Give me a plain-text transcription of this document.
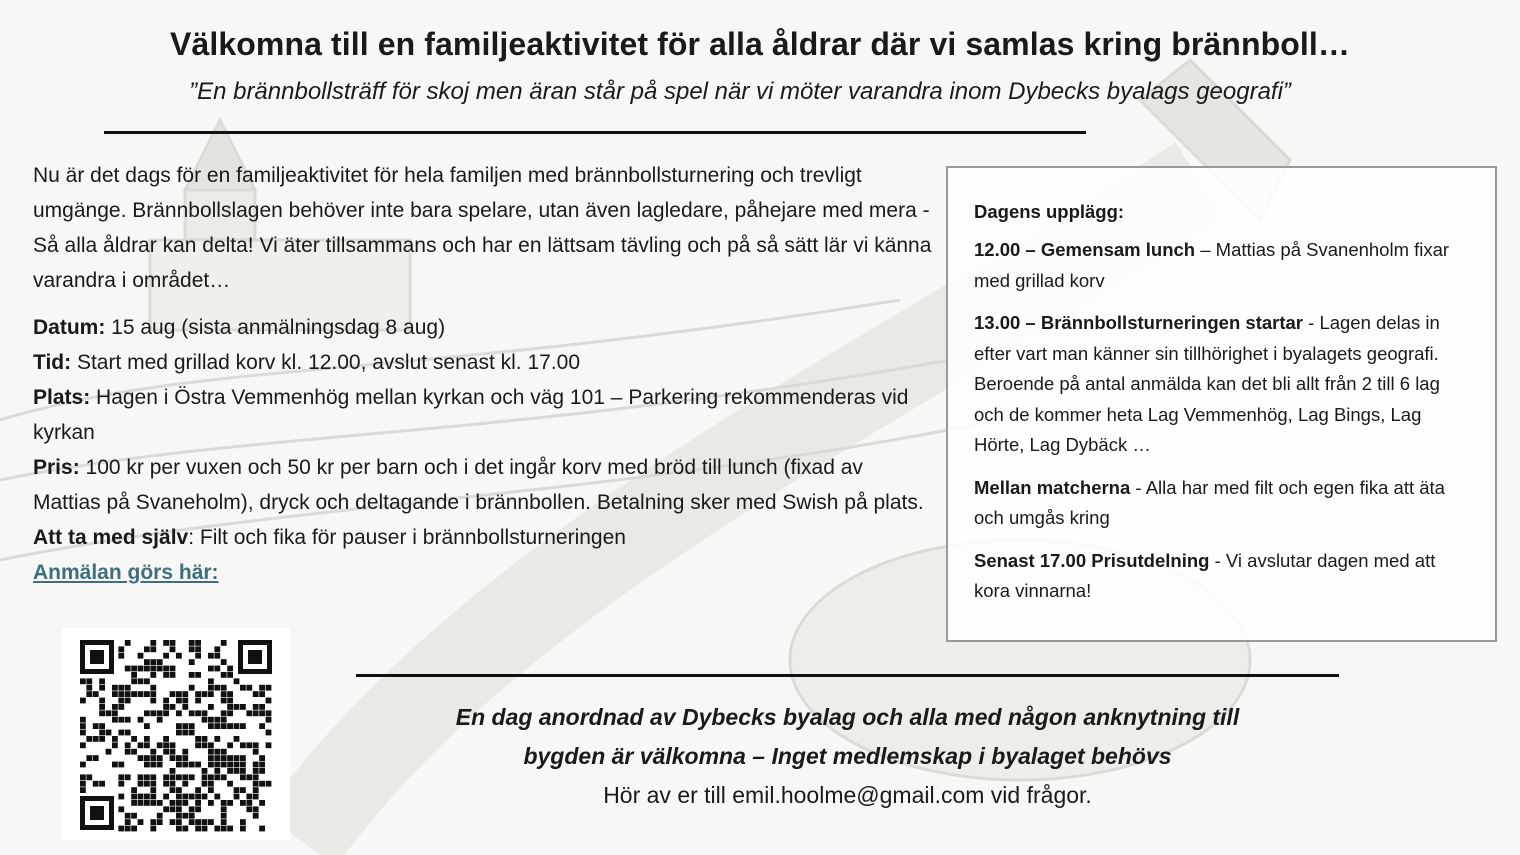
Välkomna till en familjeaktivitet för alla åldrar där vi samlas kring brännboll…
”En brännbollsträff för skoj men äran står på spel när vi möter varandra inom Dybecks byalags geografi”
Nu är det dags för en familjeaktivitet för hela familjen med brännbollsturnering och trevligt umgänge. Brännbollslagen behöver inte bara spelare, utan även lagledare, påhejare med mera - Så alla åldrar kan delta! Vi äter tillsammans och har en lättsam tävling och på så sätt lär vi känna varandra i området…

Datum: 15 aug (sista anmälningsdag 8 aug)

Tid: Start med grillad korv kl. 12.00, avslut senast kl. 17.00

Plats: Hagen i Östra Vemmenhög mellan kyrkan och väg 101 – Parkering rekommenderas vid kyrkan

Pris: 100 kr per vuxen och 50 kr per barn och i det ingår korv med bröd till lunch (fixad av Mattias på Svaneholm), dryck och deltagande i brännbollen. Betalning sker med Swish på plats.

Att ta med själv: Filt och fika för pauser i brännbollsturneringen

Anmälan görs här:

Dagens upplägg:

12.00 – Gemensam lunch – Mattias på Svanenholm fixar med grillad korv

13.00 – Brännbollsturneringen startar - Lagen delas in efter vart man känner sin tillhörighet i byalagets geografi. Beroende på antal anmälda kan det bli allt från 2 till 6 lag och de kommer heta Lag Vemmenhög, Lag Bings, Lag Hörte, Lag Dybäck …

Mellan matcherna - Alla har med filt och egen fika att äta och umgås kring

Senast 17.00 Prisutdelning - Vi avslutar dagen med att kora vinnarna!

En dag anordnad av Dybecks byalag och alla med någon anknytning till
bygden är välkomna – Inget medlemskap i byalaget behövs
Hör av er till emil.hoolme@gmail.com vid frågor.
